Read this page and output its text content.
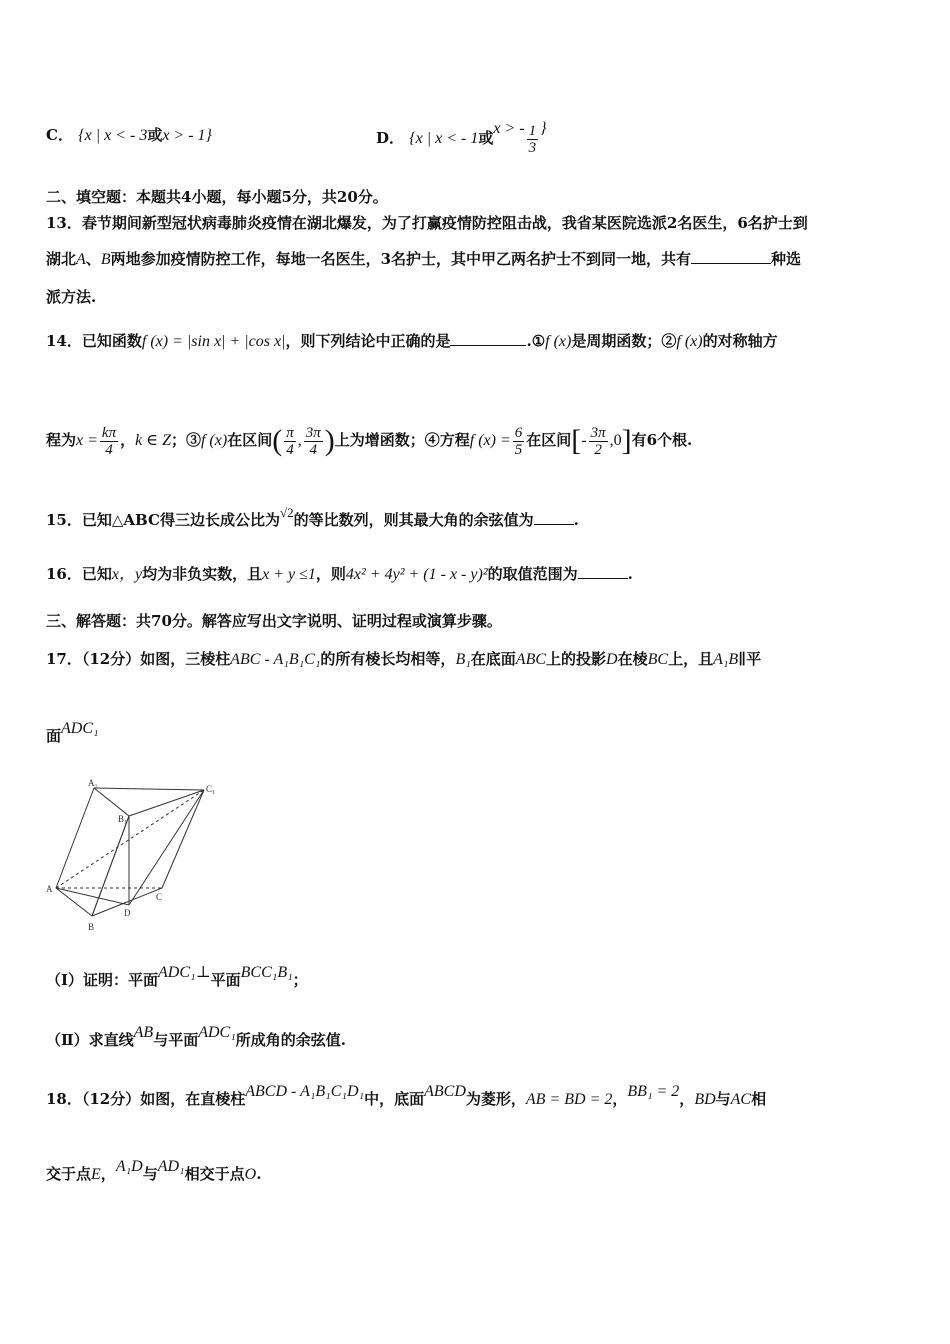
C． {x | x < - 3或x > - 1}	D． {x | x < - 1或x > - $\frac{1}{3}$ }
二、填空题：本题共4小题，每小题5分，共20分。
13．春节期间新型冠状病毒肺炎疫情在湖北爆发，为了打赢疫情防控阻击战，我省某医院选派2名医生，6名护士到
湖北A、B两地参加疫情防控工作，每地一名医生，3名护士，其中甲乙两名护士不到同一地，共有	种选
派方法.
14．已知函数f (x) = |sin x| + |cos x|，则下列结论中正确的是	.①f (x)是周期函数；②f (x)的对称轴方
程为$x = \frac{k\pi}{4}$ ，k ∈ Z；③f (x)在区间( $\frac{\pi}{4}$ , $\frac{3\pi}{4}$ )上为增函数；④方程f $(x) = \frac{6}{5}$ 在区间[- $\frac{3\pi}{2} ,0$]有6个根.
15．已知△ABC得三边长成公比为√2的等比数列，则其最大角的余弦值为	.
16．已知x，y均为非负实数，且x + y ≤1，则4x² + 4y² + (1 - x - y)²的取值范围为	.
三、解答题：共70分。解答应写出文字说明、证明过程或演算步骤。
17．（12分）如图，三棱柱ABC - A₁B₁C₁的所有棱长均相等，B₁在底面ABC上的投影D在棱BC上，且A₁B∥平
面ADC₁
A₁
C₁
B₁
A
B
C
D
（Ⅰ）证明：平面ADC₁⊥平面BCC₁B₁；
（Ⅱ）求直线AB与平面ADC₁所成角的余弦值.
18．（12分）如图，在直棱柱ABCD - A₁B₁C₁D₁中，底面ABCD为菱形，AB = BD = 2，BB₁ = 2，BD与AC相
交于点E，A₁D与AD₁相交于点O.
